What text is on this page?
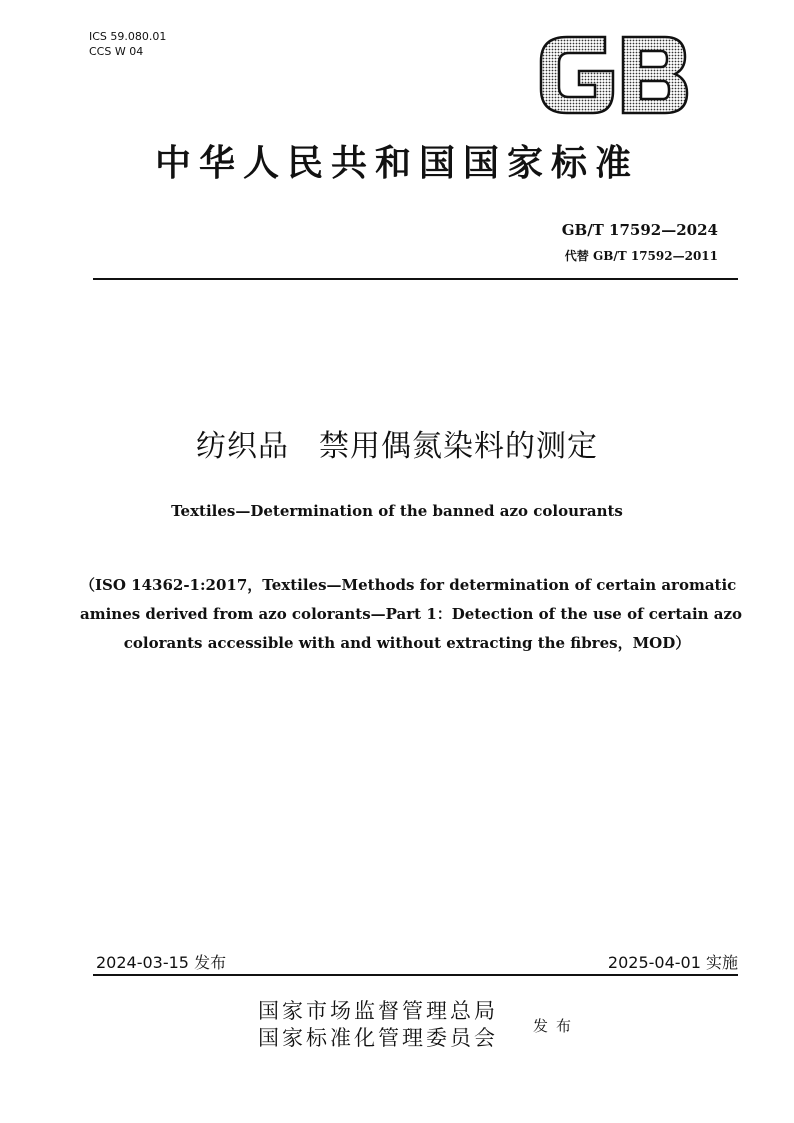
ICS 59.080.01
CCS W 04
中华人民共和国国家标准
GB/T 17592—2024
代替 GB/T 17592—2011
纺织品 禁用偶氮染料的测定
Textiles—Determination of the banned azo colourants
（ISO 14362-1:2017，Textiles—Methods for determination of certain aromatic
amines derived from azo colorants—Part 1：Detection of the use of certain azo
colorants accessible with and without extracting the fibres，MOD）
2024-03-15 发布	2025-04-01 实施
国家市场监督管理总局
国家标准化管理委员会 发布
